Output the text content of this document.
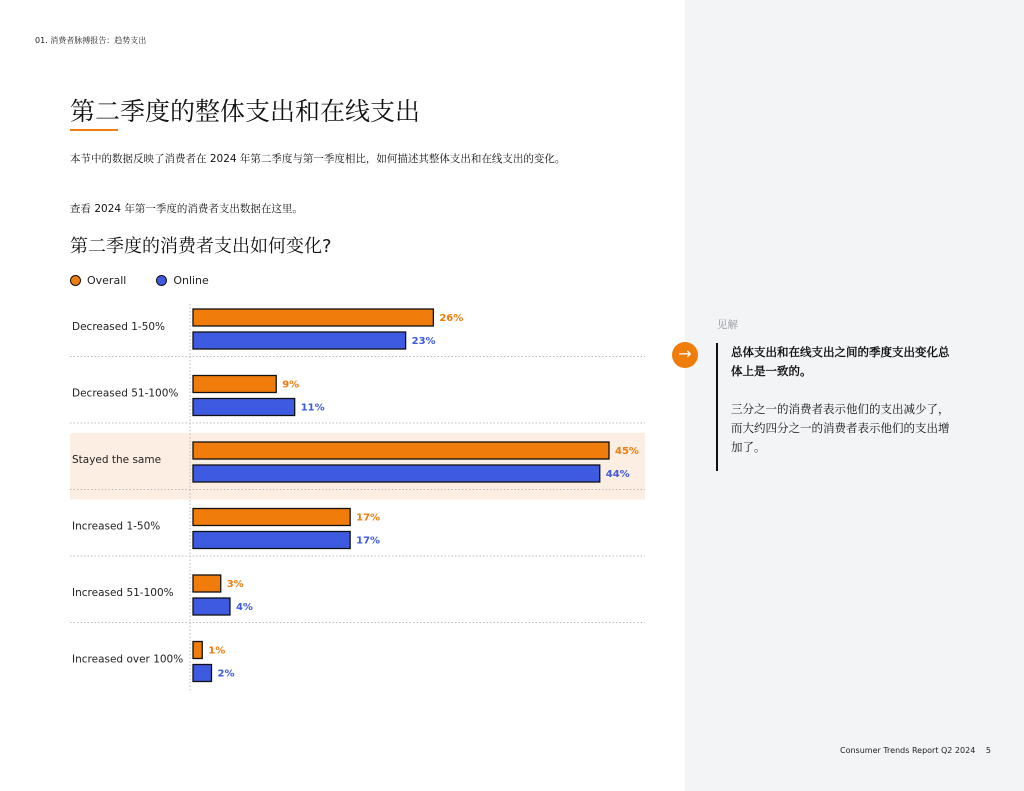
01. 消费者脉搏报告：趋势支出
第二季度的整体支出和在线支出
本节中的数据反映了消费者在 2024 年第二季度与第一季度相比，如何描述其整体支出和在线支出的变化。
查看 2024 年第一季度的消费者支出数据在这里。
第二季度的消费者支出如何变化?
Overall	Online
Decreased 1-50%
26%
23%
Decreased 51-100%
9%
11%
Stayed the same
45%
44%
Increased 1-50%
17%
17%
Increased 51-100%
3%
4%
Increased over 100%
1%
2%
见解
→	总体支出和在线支出之间的季度支出变化总体上是一致的。
三分之一的消费者表示他们的支出减少了，而大约四分之一的消费者表示他们的支出增加了。
Consumer Trends Report Q2 2024 5
